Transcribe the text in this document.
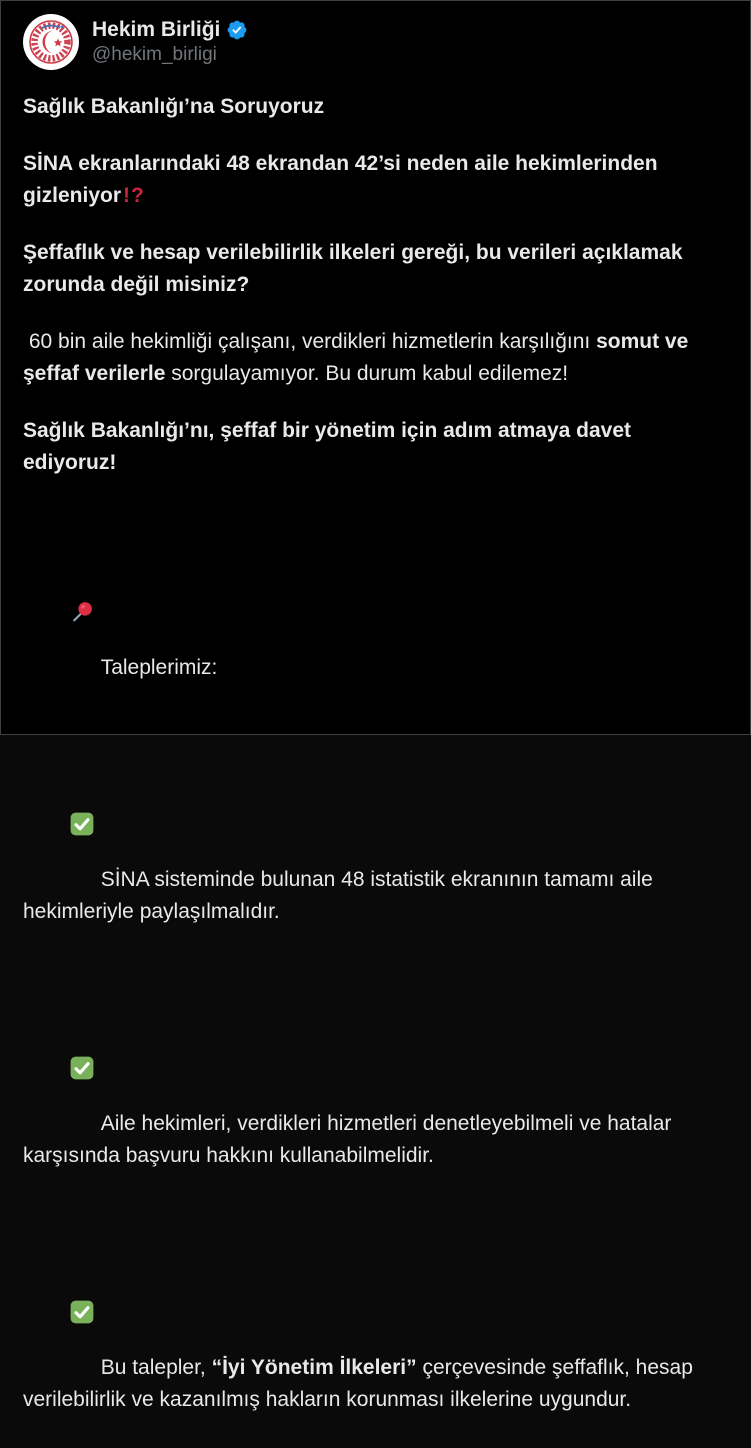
Hekim Birliği
@hekim_birligi

Sağlık Bakanlığı’na Soruyoruz

SİNA ekranlarındaki 48 ekrandan 42’si neden aile hekimlerinden gizleniyor!?

Şeffaflık ve hesap verilebilirlik ilkeleri gereği, bu verileri açıklamak zorunda değil misiniz?

60 bin aile hekimliği çalışanı, verdikleri hizmetlerin karşılığını somut ve şeffaf verilerle sorgulayamıyor. Bu durum kabul edilemez!

Sağlık Bakanlığı’nı, şeffaf bir yönetim için adım atmaya davet ediyoruz!

Taleplerimiz:

SİNA sisteminde bulunan 48 istatistik ekranının tamamı aile hekimleriyle paylaşılmalıdır.

Aile hekimleri, verdikleri hizmetleri denetleyebilmeli ve hatalar karşısında başvuru hakkını kullanabilmelidir.

Bu talepler, “İyi Yönetim İlkeleri” çerçevesinde şeffaflık, hesap verilebilirlik ve kazanılmış hakların korunması ilkelerine uygundur.
